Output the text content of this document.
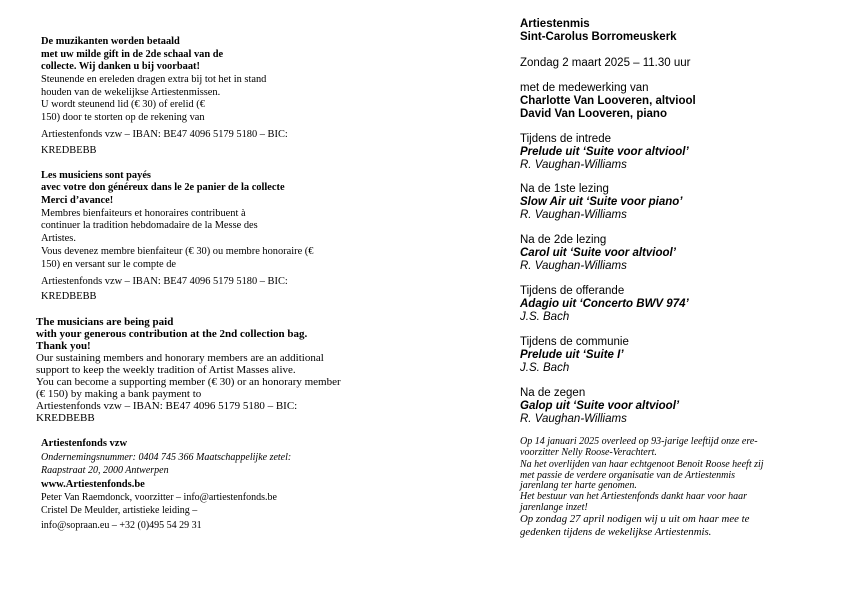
De muzikanten worden betaald
met uw milde gift in de 2de schaal van de
collecte. Wij danken u bij voorbaat!
Steunende en ereleden dragen extra bij tot het in stand
houden van de wekelijkse Artiestenmissen.
U wordt steunend lid (€ 30) of erelid (€
150) door te storten op de rekening van
Artiestenfonds vzw – IBAN: BE47 4096 5179 5180 – BIC:
KREDBEBB
Les musiciens sont payés
avec votre don généreux dans le 2e panier de la collecte
Merci d’avance!
Membres bienfaiteurs et honoraires contribuent à
continuer la tradition hebdomadaire de la Messe des
Artistes.
Vous devenez membre bienfaiteur (€ 30) ou membre honoraire (€
150) en versant sur le compte de
Artiestenfonds vzw – IBAN: BE47 4096 5179 5180 – BIC:
KREDBEBB
The musicians are being paid
with your generous contribution at the 2nd collection bag.
Thank you!
Our sustaining members and honorary members are an additional
support to keep the weekly tradition of Artist Masses alive.
You can become a supporting member (€ 30) or an honorary member
(€ 150) by making a bank payment to
Artiestenfonds vzw – IBAN: BE47 4096 5179 5180 – BIC:
KREDBEBB
Artiestenfonds vzw
Ondernemingsnummer: 0404 745 366 Maatschappelijke zetel:
Raapstraat 20, 2000 Antwerpen
www.Artiestenfonds.be
Peter Van Raemdonck, voorzitter – info@artiestenfonds.be
Cristel De Meulder, artistieke leiding –
info@sopraan.eu – +32 (0)495 54 29 31
Artiestenmis
Sint-Carolus Borromeuskerk
Zondag 2 maart 2025 – 11.30 uur
met de medewerking van
Charlotte Van Looveren, altviool
David Van Looveren, piano
Tijdens de intrede
Prelude uit ‘Suite voor altviool’
R. Vaughan-Williams
Na de 1ste lezing
Slow Air uit ‘Suite voor piano’
R. Vaughan-Williams
Na de 2de lezing
Carol uit ‘Suite voor altviool’
R. Vaughan-Williams
Tijdens de offerande
Adagio uit ‘Concerto BWV 974’
J.S. Bach
Tijdens de communie
Prelude uit ‘Suite I’
J.S. Bach
Na de zegen
Galop uit ‘Suite voor altviool’
R. Vaughan-Williams
Op 14 januari 2025 overleed op 93-jarige leeftijd onze ere-
voorzitter Nelly Roose-Verachtert.
Na het overlijden van haar echtgenoot Benoit Roose heeft zij
met passie de verdere organisatie van de Artiestenmis
jarenlang ter harte genomen.
Het bestuur van het Artiestenfonds dankt haar voor haar
jarenlange inzet!
Op zondag 27 april nodigen wij u uit om haar mee te
gedenken tijdens de wekelijkse Artiestenmis.
